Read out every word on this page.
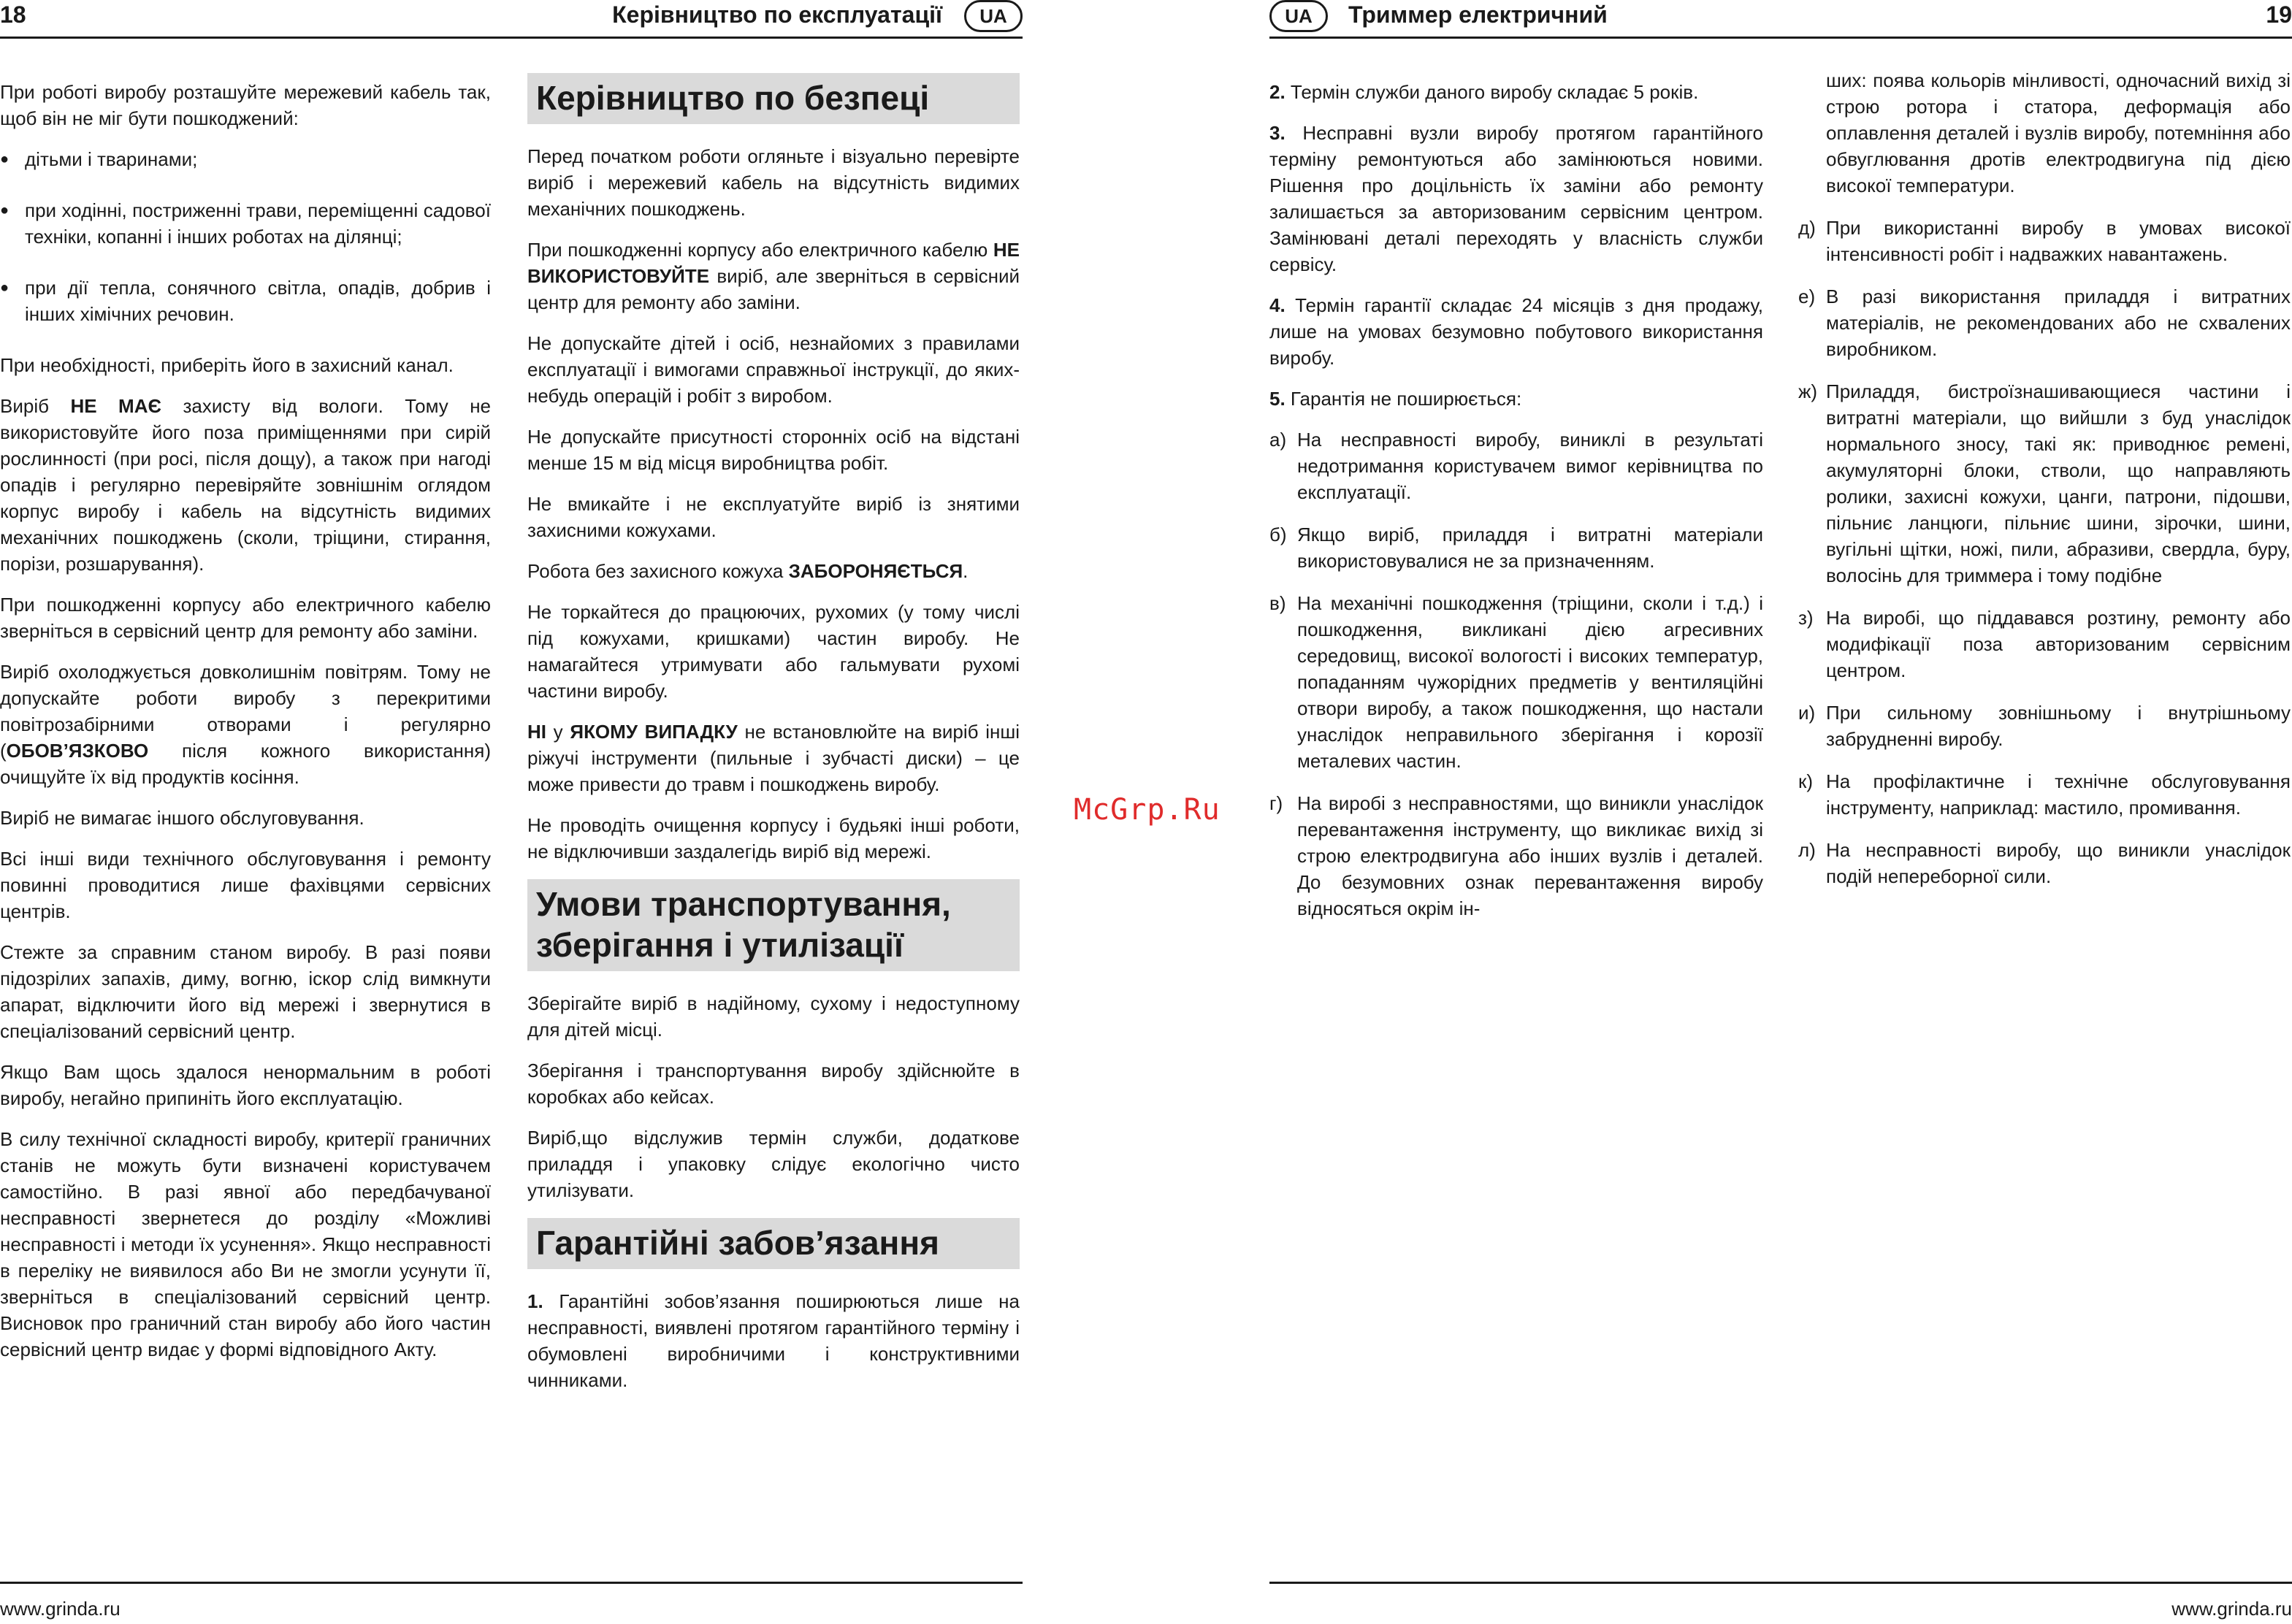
18	Керівництво по експлуатації	UA

При роботі виробу розташуйте мережевий кабель так, щоб він не міг бути пошкоджений:

● дітьми і тваринами;
● при ходінні, постриженні трави, переміщенні садової техніки, копанні і інших роботах на ділянці;
● при дії тепла, сонячного світла, опадів, добрив і інших хімічних речовин.

При необхідності, приберіть його в захисний канал.

Виріб НЕ МАЄ захисту від вологи. Тому не використовуйте його поза приміщеннями при сирій рослинності (при росі, після дощу), а також при нагоді опадів і регулярно перевіряйте зовнішнім оглядом корпус виробу і кабель на відсутність видимих механічних пошкоджень (сколи, тріщини, стирання, порізи, розшарування).

При пошкодженні корпусу або електричного кабелю зверніться в сервісний центр для ремонту або заміни.

Виріб охолоджується довколишнім повітрям. Тому не допускайте роботи виробу з перекритими повітрозабірними отворами і регулярно (ОБОВ’ЯЗКОВО після кожного використання) очищуйте їх від продуктів косіння.

Виріб не вимагає іншого обслуговування.

Всі інші види технічного обслуговування і ремонту повинні проводитися лише фахівцями сервісних центрів.

Стежте за справним станом виробу. В разі появи підозрілих запахів, диму, вогню, іскор слід вимкнути апарат, відключити його від мережі і звернутися в спеціалізований сервісний центр.

Якщо Вам щось здалося ненормальним в роботі виробу, негайно припиніть його експлуатацію.

В силу технічної складності виробу, критерії граничних станів не можуть бути визначені користувачем самостійно. В разі явної або передбачуваної несправності звернетеся до розділу «Можливі несправності і методи їх усунення». Якщо несправності в переліку не виявилося або Ви не змогли усунути її, зверніться в спеціалізований сервісний центр. Висновок про граничний стан виробу або його частин сервісний центр видає у формі відповідного Акту.

Керівництво по безпеці

Перед початком роботи огляньте і візуально перевірте виріб і мережевий кабель на відсутність видимих механічних пошкоджень.

При пошкодженні корпусу або електричного кабелю НЕ ВИКОРИСТОВУЙТЕ виріб, але зверніться в сервісний центр для ремонту або заміни.

Не допускайте дітей і осіб, незнайомих з правилами експлуатації і вимогами справжньої інструкції, до яких-небудь операцій і робіт з виробом.

Не допускайте присутності сторонніх осіб на відстані менше 15 м від місця виробництва робіт.

Не вмикайте і не експлуатуйте виріб із знятими захисними кожухами.

Робота без захисного кожуха ЗАБОРОНЯЄТЬСЯ.

Не торкайтеся до працюючих, рухомих (у тому числі під кожухами, кришками) частин виробу. Не намагайтеся утримувати або гальмувати рухомі частини виробу.

НІ у ЯКОМУ ВИПАДКУ не встановлюйте на виріб інші ріжучі інструменти (пильные і зубчасті диски) – це може привести до травм і пошкоджень виробу.

Не проводіть очищення корпусу і будьякі інші роботи, не відключивши заздалегідь виріб від мережі.

Умови транспортування, зберігання і утилізації

Зберігайте виріб в надійному, сухому і недоступному для дітей місці.

Зберігання і транспортування виробу здійснюйте в коробках або кейсах.

Виріб,що відслужив термін служби, додаткове приладдя і упаковку слідує екологічно чисто утилізувати.

Гарантійні забов’язання

1. Гарантійні зобов’язання поширюються лише на несправності, виявлені протягом гарантійного терміну і обумовлені виробничими і конструктивними чинниками.

www.grinda.ru
McGrp.Ru
UA	Триммер електричний	19

2. Термін служби даного виробу складає 5 років.

3. Несправні вузли виробу протягом гарантійного терміну ремонтуються або замінюються новими. Рішення про доцільність їх заміни або ремонту залишається за авторизованим сервісним центром. Замінювані деталі переходять у власність служби сервісу.

4. Термін гарантії складає 24 місяців з дня продажу, лише на умовах безумовно побутового використання виробу.

5. Гарантія не поширюється:

а) На несправності виробу, виниклі в результаті недотримання користувачем вимог керівництва по експлуатації.
б) Якщо виріб, приладдя і витратні матеріали використовувалися не за призначенням.
в) На механічні пошкодження (тріщини, сколи і т.д.) і пошкодження, викликані дією агресивних середовищ, високої вологості і високих температур, попаданням чужорідних предметів у вентиляційні отвори виробу, а також пошкодження, що настали унаслідок неправильного зберігання і корозії металевих частин.
г) На виробі з несправностями, що виникли унаслідок перевантаження інструменту, що викликає вихід зі строю електродвигуна або інших вузлів і деталей. До безумовних ознак перевантаження виробу відносяться окрім ін-
ших: поява кольорів мінливості, одночасний вихід зі строю ротора і статора, деформація або оплавлення деталей і вузлів виробу, потемніння або обвуглювання дротів електродвигуна під дією високої температури.
д) При використанні виробу в умовах високої інтенсивності робіт і надважких навантажень.
е) В разі використання приладдя і витратних матеріалів, не рекомендованих або не схвалених виробником.
ж) Приладдя, бистроїзнашивающиеся частини і витратні матеріали, що вийшли з буд унаслідок нормального зносу, такі як: приводнює ремені, акумуляторні блоки, стволи, що направляють ролики, захисні кожухи, цанги, патрони, підошви, пільниє ланцюги, пільниє шини, зірочки, шини, вугільні щітки, ножі, пили, абразиви, свердла, буру, волосінь для триммера і тому подібне
з) На виробі, що піддавався розтину, ремонту або модифікації поза авторизованим сервісним центром.
и) При сильному зовнішньому і внутрішньому забрудненні виробу.
к) На профілактичне і технічне обслуговування інструменту, наприклад: мастило, промивання.
л) На несправності виробу, що виникли унаслідок подій непереборної сили.
www.grinda.ru
